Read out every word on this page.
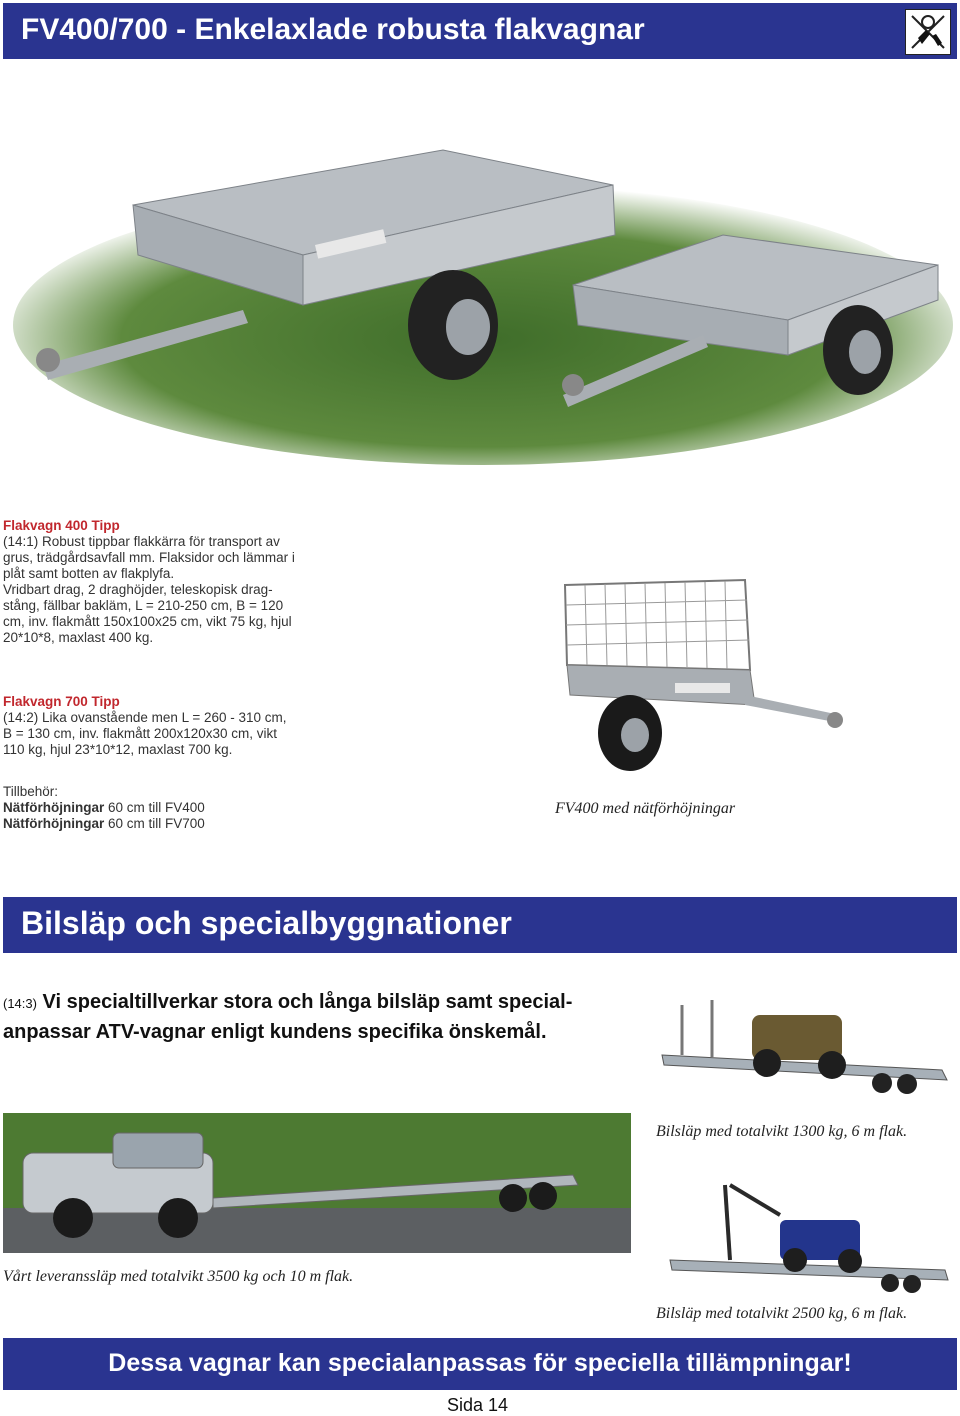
FV400/700 - Enkelaxlade robusta flakvagnar
Flakvagn 400 Tipp
(14:1) Robust tippbar flakkärra för transport av
grus, trädgårdsavfall mm. Flaksidor och lämmar i
plåt samt botten av flakplyfa.
Vridbart drag, 2 draghöjder, teleskopisk drag-
stång, fällbar bakläm, L = 210-250 cm, B = 120
cm, inv. flakmått 150x100x25 cm, vikt 75 kg, hjul
20*10*8, maxlast 400 kg.
Flakvagn 700 Tipp
(14:2) Lika ovanstående men L = 260 - 310 cm,
B = 130 cm, inv. flakmått 200x120x30 cm, vikt
110 kg, hjul 23*10*12, maxlast 700 kg.
Tillbehör:
Nätförhöjningar 60 cm till FV400
Nätförhöjningar 60 cm till FV700
FV400 med nätförhöjningar
Bilsläp och specialbyggnationer
(14:3) Vi specialtillverkar stora och långa bilsläp samt special-
anpassar ATV-vagnar enligt kundens specifika önskemål.
Bilsläp med totalvikt 1300 kg, 6 m flak.
Vårt leveranssläp med totalvikt 3500 kg och 10 m flak.
Bilsläp med totalvikt 2500 kg, 6 m flak.
Dessa vagnar kan specialanpassas för speciella tillämpningar!
Sida 14
